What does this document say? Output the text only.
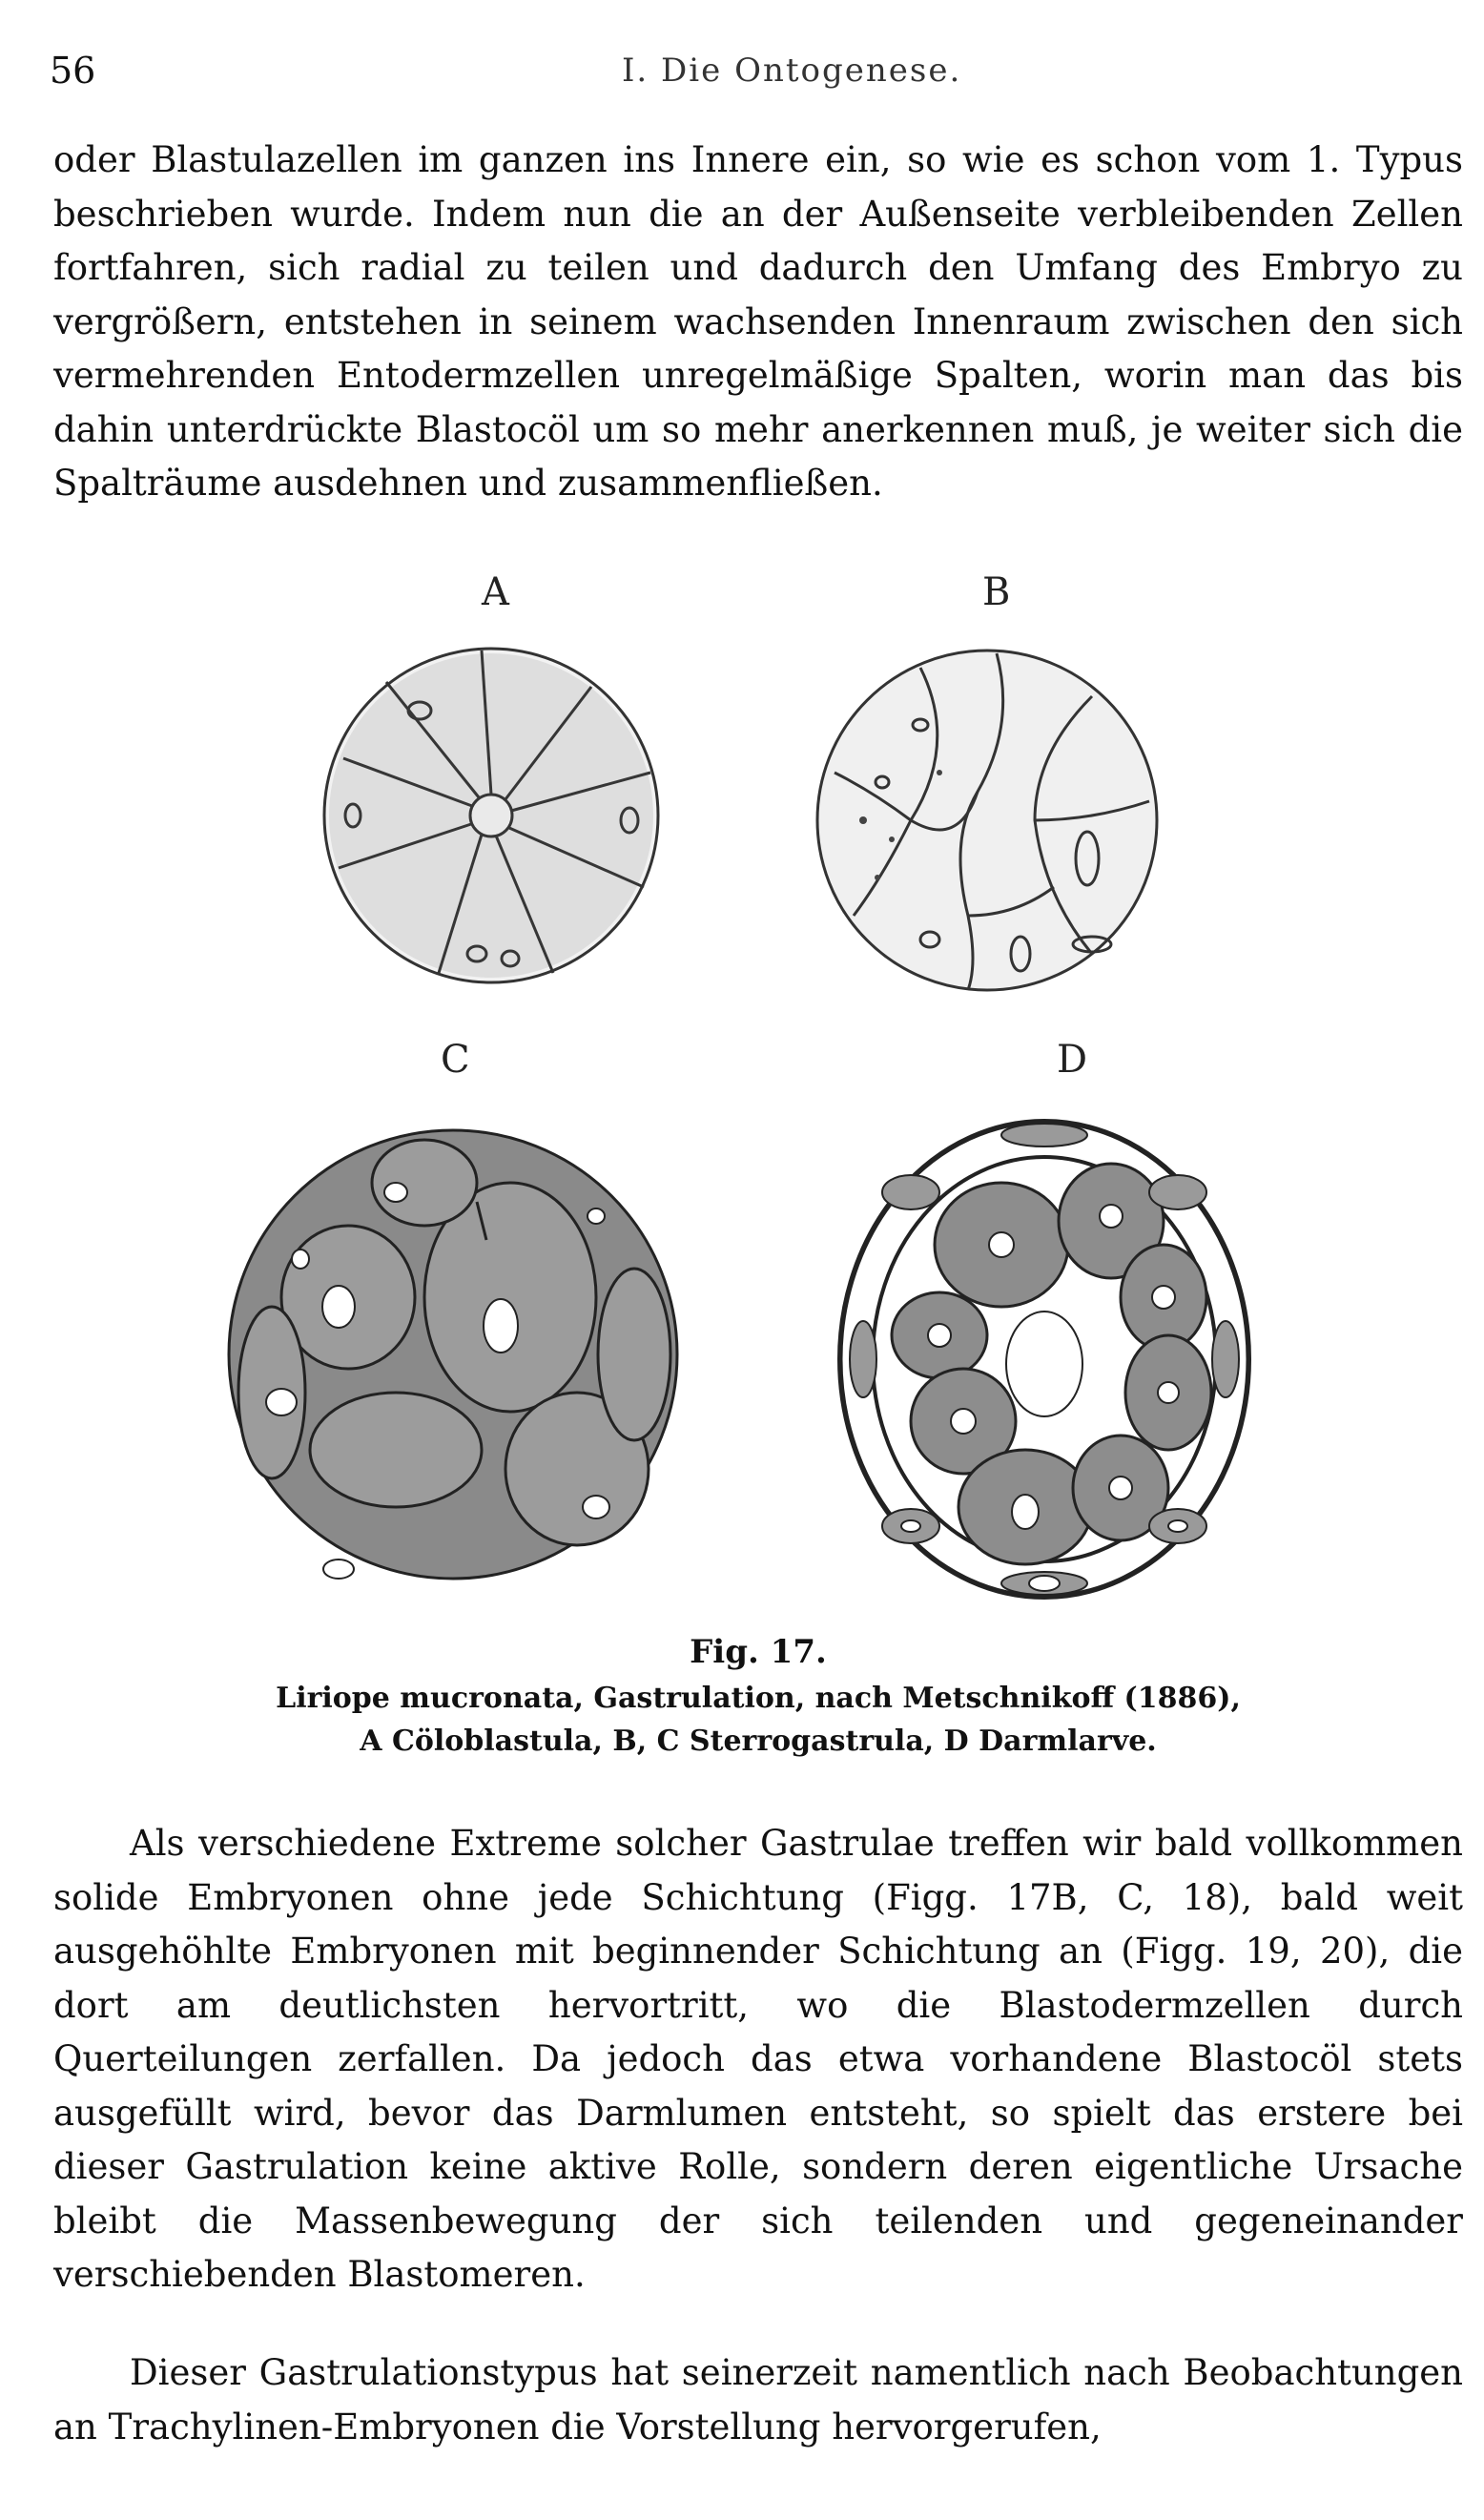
56	I. Die Ontogenese.

oder Blastulazellen im ganzen ins Innere ein, so wie es schon vom 1. Typus beschrieben wurde. Indem nun die an der Außenseite verbleibenden Zellen fortfahren, sich radial zu teilen und dadurch den Umfang des Embryo zu vergrößern, entstehen in seinem wachsenden Innenraum zwischen den sich vermehrenden Entodermzellen unregelmäßige Spalten, worin man das bis dahin unterdrückte Blastocöl um so mehr anerkennen muß, je weiter sich die Spalträume ausdehnen und zusammenfließen.

A	B
C	D
Fig. 17.
Liriope mucronata, Gastrulation, nach Metschnikoff (1886),
A Cöloblastula, B, C Sterrogastrula, D Darmlarve.

Als verschiedene Extreme solcher Gastrulae treffen wir bald vollkommen solide Embryonen ohne jede Schichtung (Figg. 17B, C, 18), bald weit ausgehöhlte Embryonen mit beginnender Schichtung an (Figg. 19, 20), die dort am deutlichsten hervortritt, wo die Blastodermzellen durch Querteilungen zerfallen. Da jedoch das etwa vorhandene Blastocöl stets ausgefüllt wird, bevor das Darmlumen entsteht, so spielt das erstere bei dieser Gastrulation keine aktive Rolle, sondern deren eigentliche Ursache bleibt die Massenbewegung der sich teilenden und gegeneinander verschiebenden Blastomeren.

Dieser Gastrulationstypus hat seinerzeit namentlich nach Beobachtungen an Trachylinen-Embryonen die Vorstellung hervorgerufen,
